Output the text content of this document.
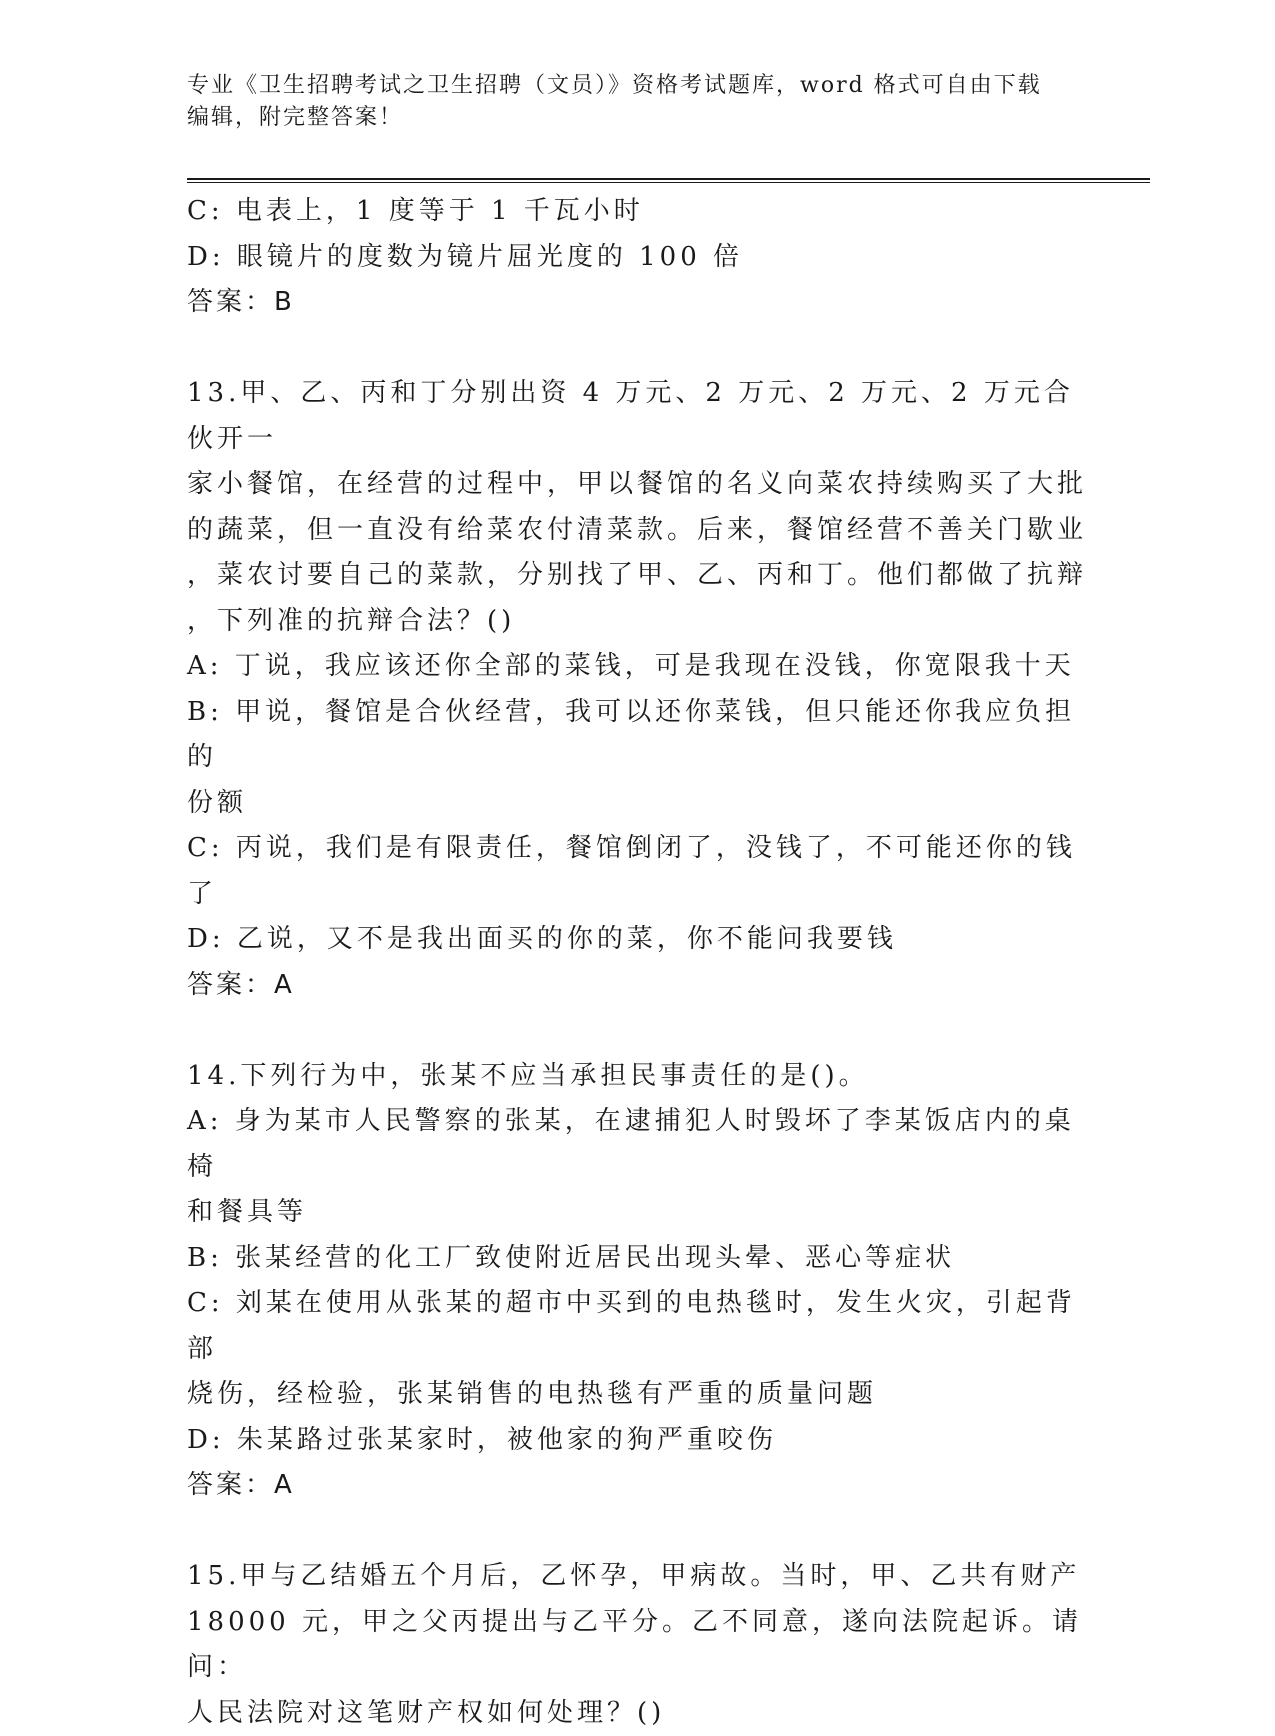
专业《卫生招聘考试之卫生招聘（文员）》资格考试题库，word 格式可自由下载
编辑，附完整答案！

C: 电表上，1 度等于 1 千瓦小时

D: 眼镜片的度数为镜片屈光度的 100 倍

答案：B

13.甲、乙、丙和丁分别出资 4 万元、2 万元、2 万元、2 万元合伙开一

家小餐馆，在经营的过程中，甲以餐馆的名义向菜农持续购买了大批

的蔬菜，但一直没有给菜农付清菜款。后来，餐馆经营不善关门歇业

，菜农讨要自己的菜款，分别找了甲、乙、丙和丁。他们都做了抗辩

，下列准的抗辩合法？()

A: 丁说，我应该还你全部的菜钱，可是我现在没钱，你宽限我十天

B: 甲说，餐馆是合伙经营，我可以还你菜钱，但只能还你我应负担的

份额

C: 丙说，我们是有限责任，餐馆倒闭了，没钱了，不可能还你的钱了

D: 乙说，又不是我出面买的你的菜，你不能问我要钱

答案：A

14.下列行为中，张某不应当承担民事责任的是()。

A: 身为某市人民警察的张某，在逮捕犯人时毁坏了李某饭店内的桌椅

和餐具等

B: 张某经营的化工厂致使附近居民出现头晕、恶心等症状

C: 刘某在使用从张某的超市中买到的电热毯时，发生火灾，引起背部

烧伤，经检验，张某销售的电热毯有严重的质量问题

D: 朱某路过张某家时，被他家的狗严重咬伤

答案：A

15.甲与乙结婚五个月后，乙怀孕，甲病故。当时，甲、乙共有财产

18000 元，甲之父丙提出与乙平分。乙不同意，遂向法院起诉。请问：

人民法院对这笔财产权如何处理？()
